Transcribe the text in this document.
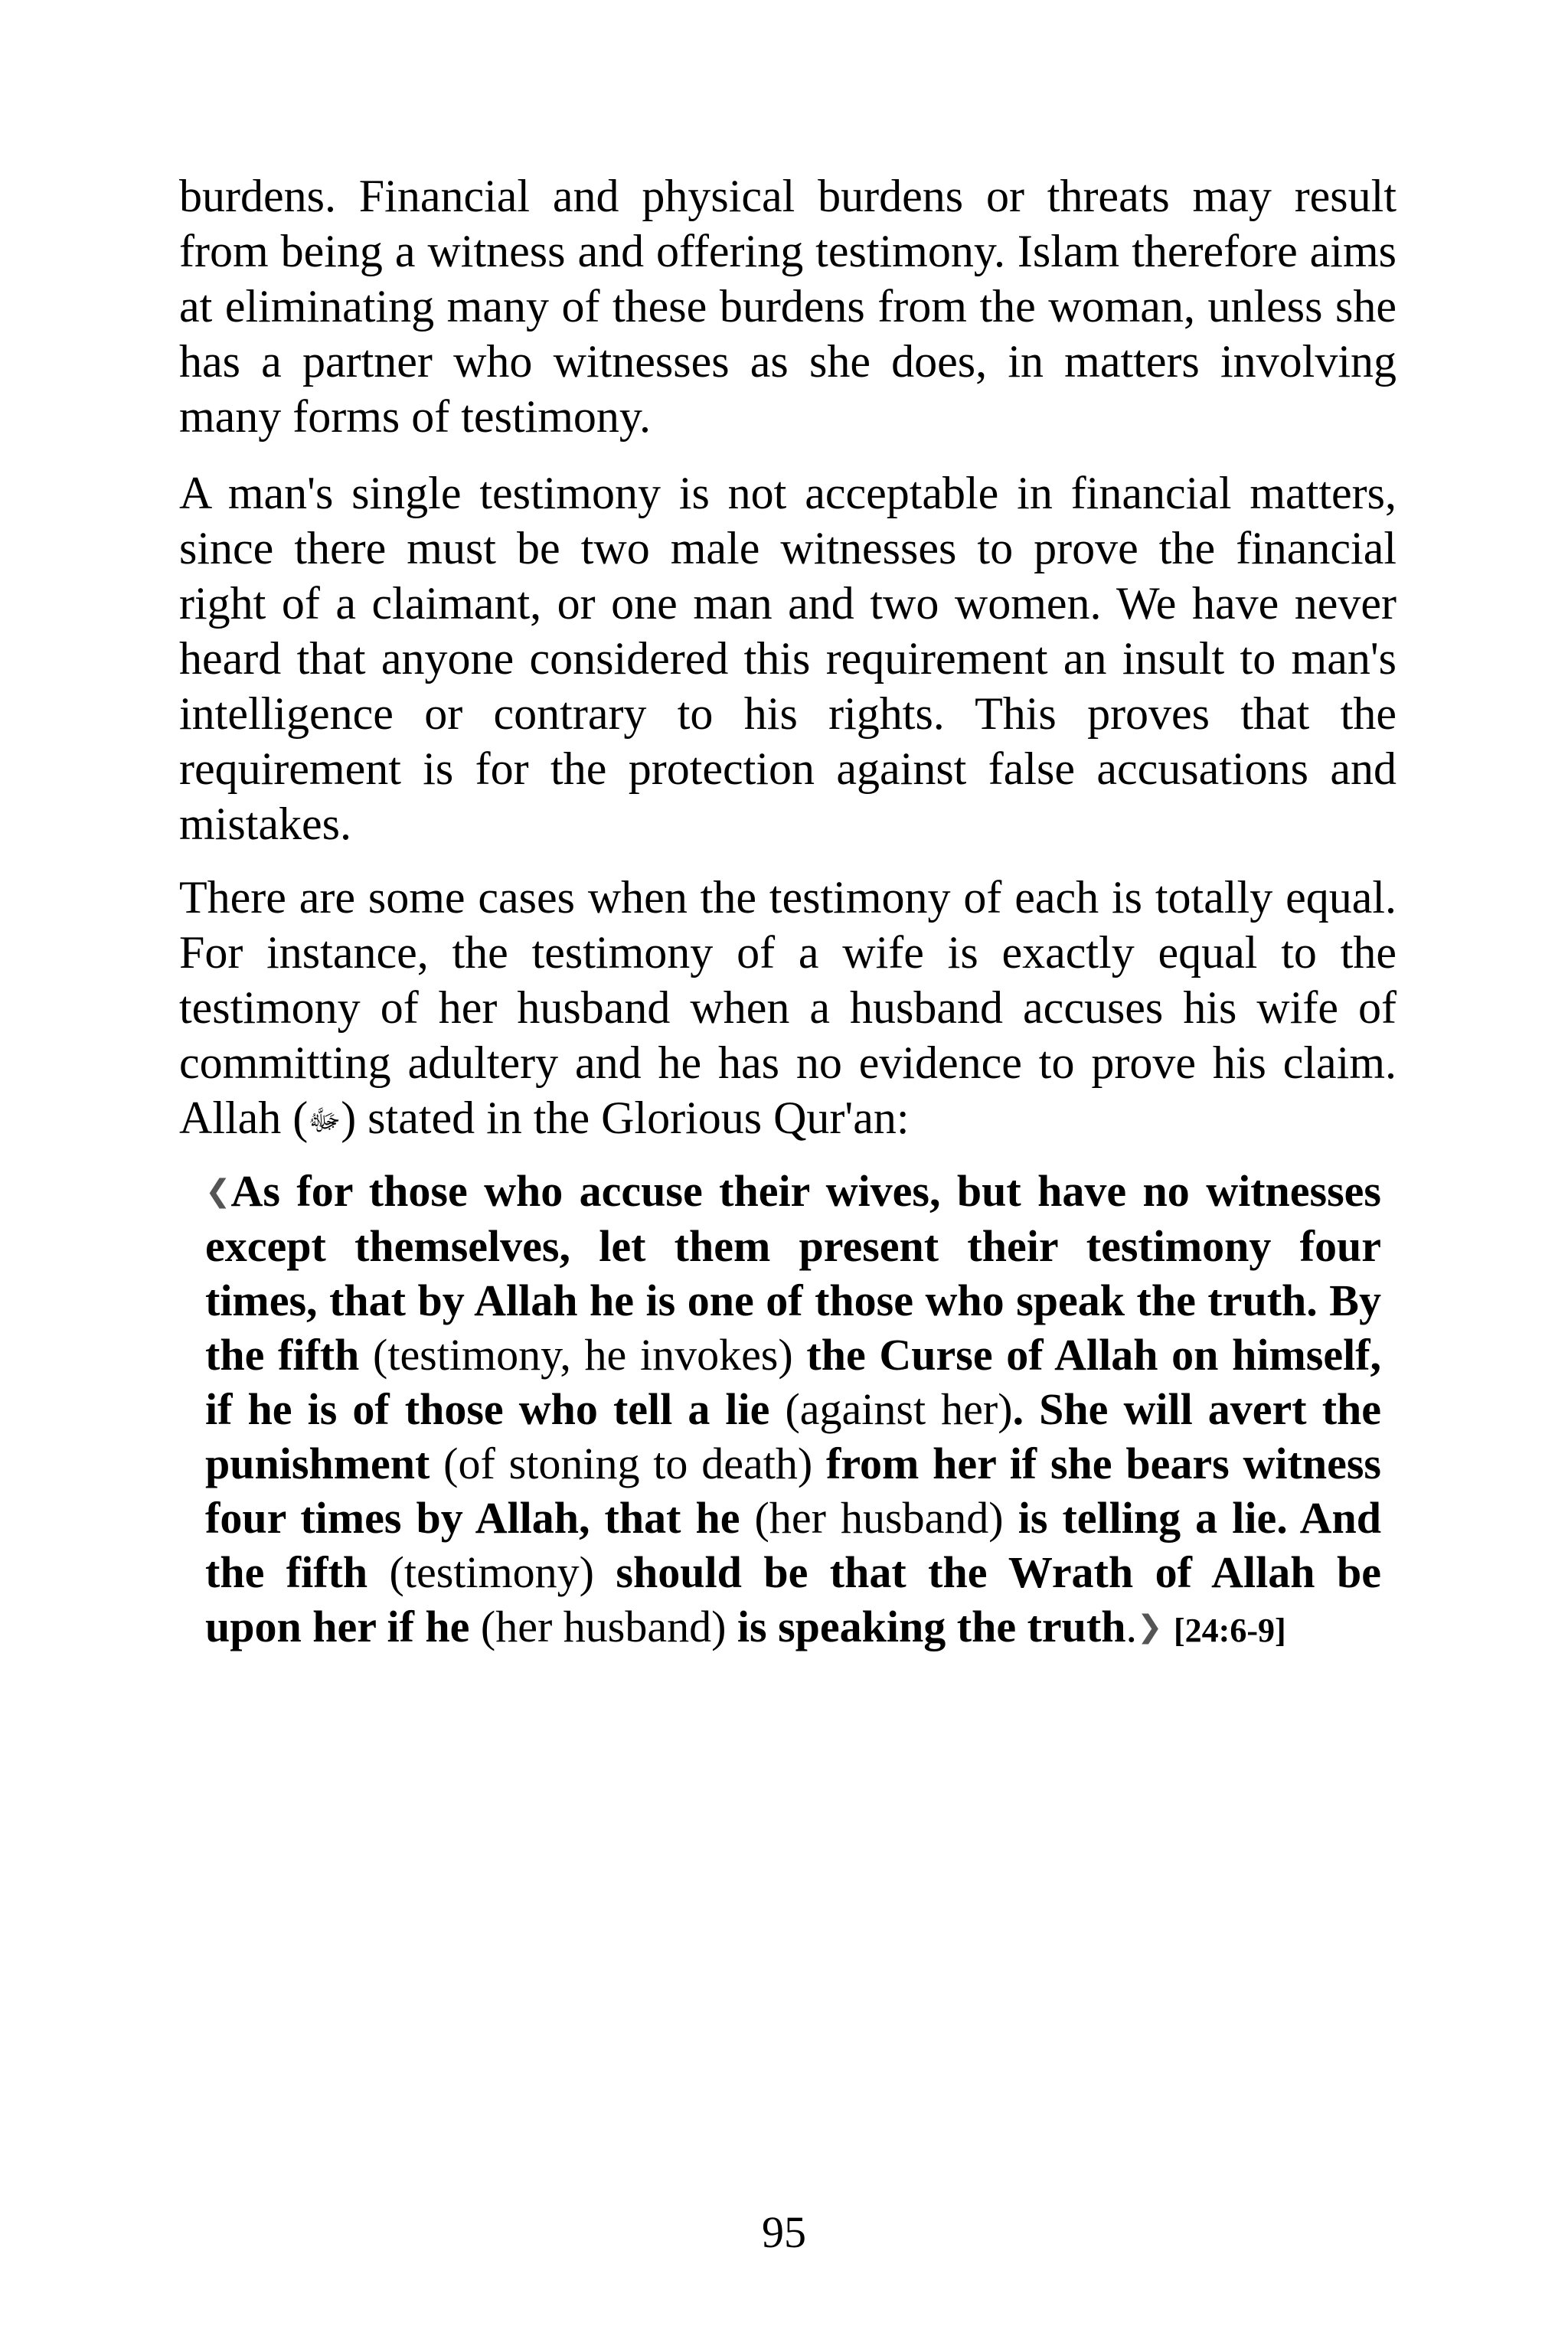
burdens. Financial and physical burdens or threats may result from being a witness and offering testimony. Islam therefore aims at eliminating many of these burdens from the woman, unless she has a partner who witnesses as she does, in matters involving many forms of testimony.

A man's single testimony is not acceptable in financial matters, since there must be two male witnesses to prove the financial right of a claimant, or one man and two women. We have never heard that anyone considered this requirement an insult to man's intelligence or contrary to his rights. This proves that the requirement is for the protection against false accusations and mistakes.

There are some cases when the testimony of each is totally equal. For instance, the testimony of a wife is exactly equal to the testimony of her husband when a husband accuses his wife of committing adultery and he has no evidence to prove his claim. Allah (ﷻ) stated in the Glorious Qur'an:

❮As for those who accuse their wives, but have no witnesses except themselves, let them present their testimony four times, that by Allah he is one of those who speak the truth. By the fifth (testimony, he invokes) the Curse of Allah on himself, if he is of those who tell a lie (against her). She will avert the punishment (of stoning to death) from her if she bears witness four times by Allah, that he (her husband) is telling a lie. And the fifth (testimony) should be that the Wrath of Allah be upon her if he (her husband) is speaking the truth.❯ [24:6-9]

95
